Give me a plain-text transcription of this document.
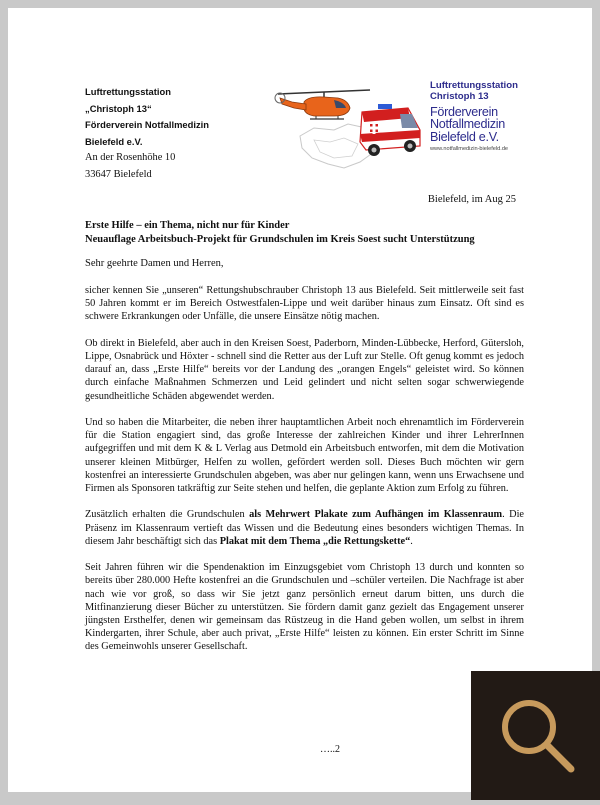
Luftrettungsstation
„Christoph 13“
Förderverein Notfallmedizin
Bielefeld e.V.
An der Rosenhöhe 10
33647 Bielefeld
Luftrettungsstation
Christoph 13
Förderverein
Notfallmedizin
Bielefeld e.V.
www.notfallmedizin-bielefeld.de
Bielefeld, im Aug 25
Erste Hilfe – ein Thema, nicht nur für Kinder
Neuauflage Arbeitsbuch-Projekt für Grundschulen im Kreis Soest sucht Unterstützung
Sehr geehrte Damen und Herren,

sicher kennen Sie „unseren“ Rettungshubschrauber Christoph 13 aus Bielefeld. Seit mittlerweile seit fast 50 Jahren kommt er im Bereich Ostwestfalen-Lippe und weit darüber hinaus zum Einsatz. Oft sind es schwere Erkrankungen oder Unfälle, die unsere Einsätze nötig machen.

Ob direkt in Bielefeld, aber auch in den Kreisen Soest, Paderborn, Minden-Lübbecke, Herford, Gütersloh, Lippe, Osnabrück und Höxter - schnell sind die Retter aus der Luft zur Stelle. Oft genug kommt es jedoch darauf an, dass „Erste Hilfe“ bereits vor der Landung des „orangen Engels“ geleistet wird. So können durch einfache Maßnahmen Schmerzen und Leid gelindert und nicht selten sogar schwerwiegende gesundheitliche Schäden abgewendet werden.

Und so haben die Mitarbeiter, die neben ihrer hauptamtlichen Arbeit noch ehrenamtlich im Förderverein für die Station engagiert sind, das große Interesse der zahlreichen Kinder und ihrer LehrerInnen aufgegriffen und mit dem K & L Verlag aus Detmold ein Arbeitsbuch entworfen, mit dem die Motivation unserer kleinen Mitbürger, Helfen zu wollen, gefördert werden soll. Dieses Buch möchten wir gern kostenfrei an interessierte Grundschulen abgeben, was aber nur gelingen kann, wenn uns Erwachsene und Firmen als Sponsoren tatkräftig zur Seite stehen und helfen, die geplante Aktion zum Erfolg zu führen.

Zusätzlich erhalten die Grundschulen als Mehrwert Plakate zum Aufhängen im Klassenraum. Die Präsenz im Klassenraum vertieft das Wissen und die Bedeutung eines besonders wichtigen Themas. In diesem Jahr beschäftigt sich das Plakat mit dem Thema „die Rettungskette“.

Seit Jahren führen wir die Spendenaktion im Einzugsgebiet vom Christoph 13 durch und konnten so bereits über 280.000 Hefte kostenfrei an die Grundschulen und –schüler verteilen. Die Nachfrage ist aber nach wie vor groß, so dass wir Sie jetzt ganz persönlich erneut darum bitten, uns durch die Mitfinanzierung dieser Bücher zu unterstützen. Sie fördern damit ganz gezielt das Engagement unserer jüngsten Ersthelfer, denen wir gemeinsam das Rüstzeug in die Hand geben wollen, um selbst in ihrem Kindergarten, ihrer Schule, aber auch privat, „Erste Hilfe“ leisten zu können. Ein erster Schritt im Sinne des Gemeinwohls unserer Gesellschaft.

…..2
